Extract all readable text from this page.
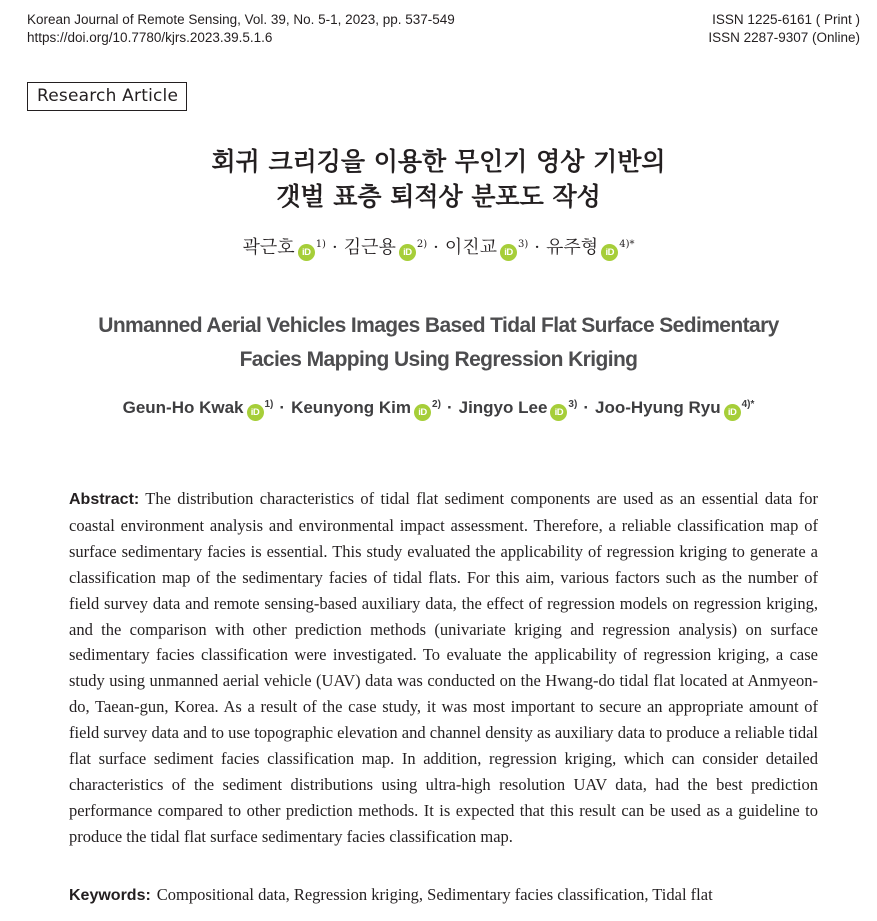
Korean Journal of Remote Sensing, Vol. 39, No. 5-1, 2023, pp. 537-549
https://doi.org/10.7780/kjrs.2023.39.5.1.6
ISSN 1225-6161 ( Print )
ISSN 2287-9307 (Online)
Research Article
회귀 크리깅을 이용한 무인기 영상 기반의
갯벌 표층 퇴적상 분포도 작성
곽근호 $iD^{1)}$ · 김근용 $iD^{2)}$ · 이진교 $iD^{3)}$ · 유주형 $iD^{4)*}$
Unmanned Aerial Vehicles Images Based Tidal Flat Surface Sedimentary
Facies Mapping Using Regression Kriging
Geun-Ho Kwak $iD^{1)}$ · Keunyong Kim $iD^{2)}$ · Jingyo Lee $iD^{3)}$ · Joo-Hyung Ryu $iD^{4)*}$
Abstract: The distribution characteristics of tidal flat sediment components are used as an essential data for coastal environment analysis and environmental impact assessment. Therefore, a reliable classification map of surface sedimentary facies is essential. This study evaluated the applicability of regression kriging to generate a classification map of the sedimentary facies of tidal flats. For this aim, various factors such as the number of field survey data and remote sensing-based auxiliary data, the effect of regression models on regression kriging, and the comparison with other prediction methods (univariate kriging and regression analysis) on surface sedimentary facies classification were investigated. To evaluate the applicability of regression kriging, a case study using unmanned aerial vehicle (UAV) data was conducted on the Hwang-do tidal flat located at Anmyeon-do, Taean-gun, Korea. As a result of the case study, it was most important to secure an appropriate amount of field survey data and to use topographic elevation and channel density as auxiliary data to produce a reliable tidal flat surface sediment facies classification map. In addition, regression kriging, which can consider detailed characteristics of the sediment distributions using ultra-high resolution UAV data, had the best prediction performance compared to other prediction methods. It is expected that this result can be used as a guideline to produce the tidal flat surface sedimentary facies classification map.
Keywords: Compositional data, Regression kriging, Sedimentary facies classification, Tidal flat
